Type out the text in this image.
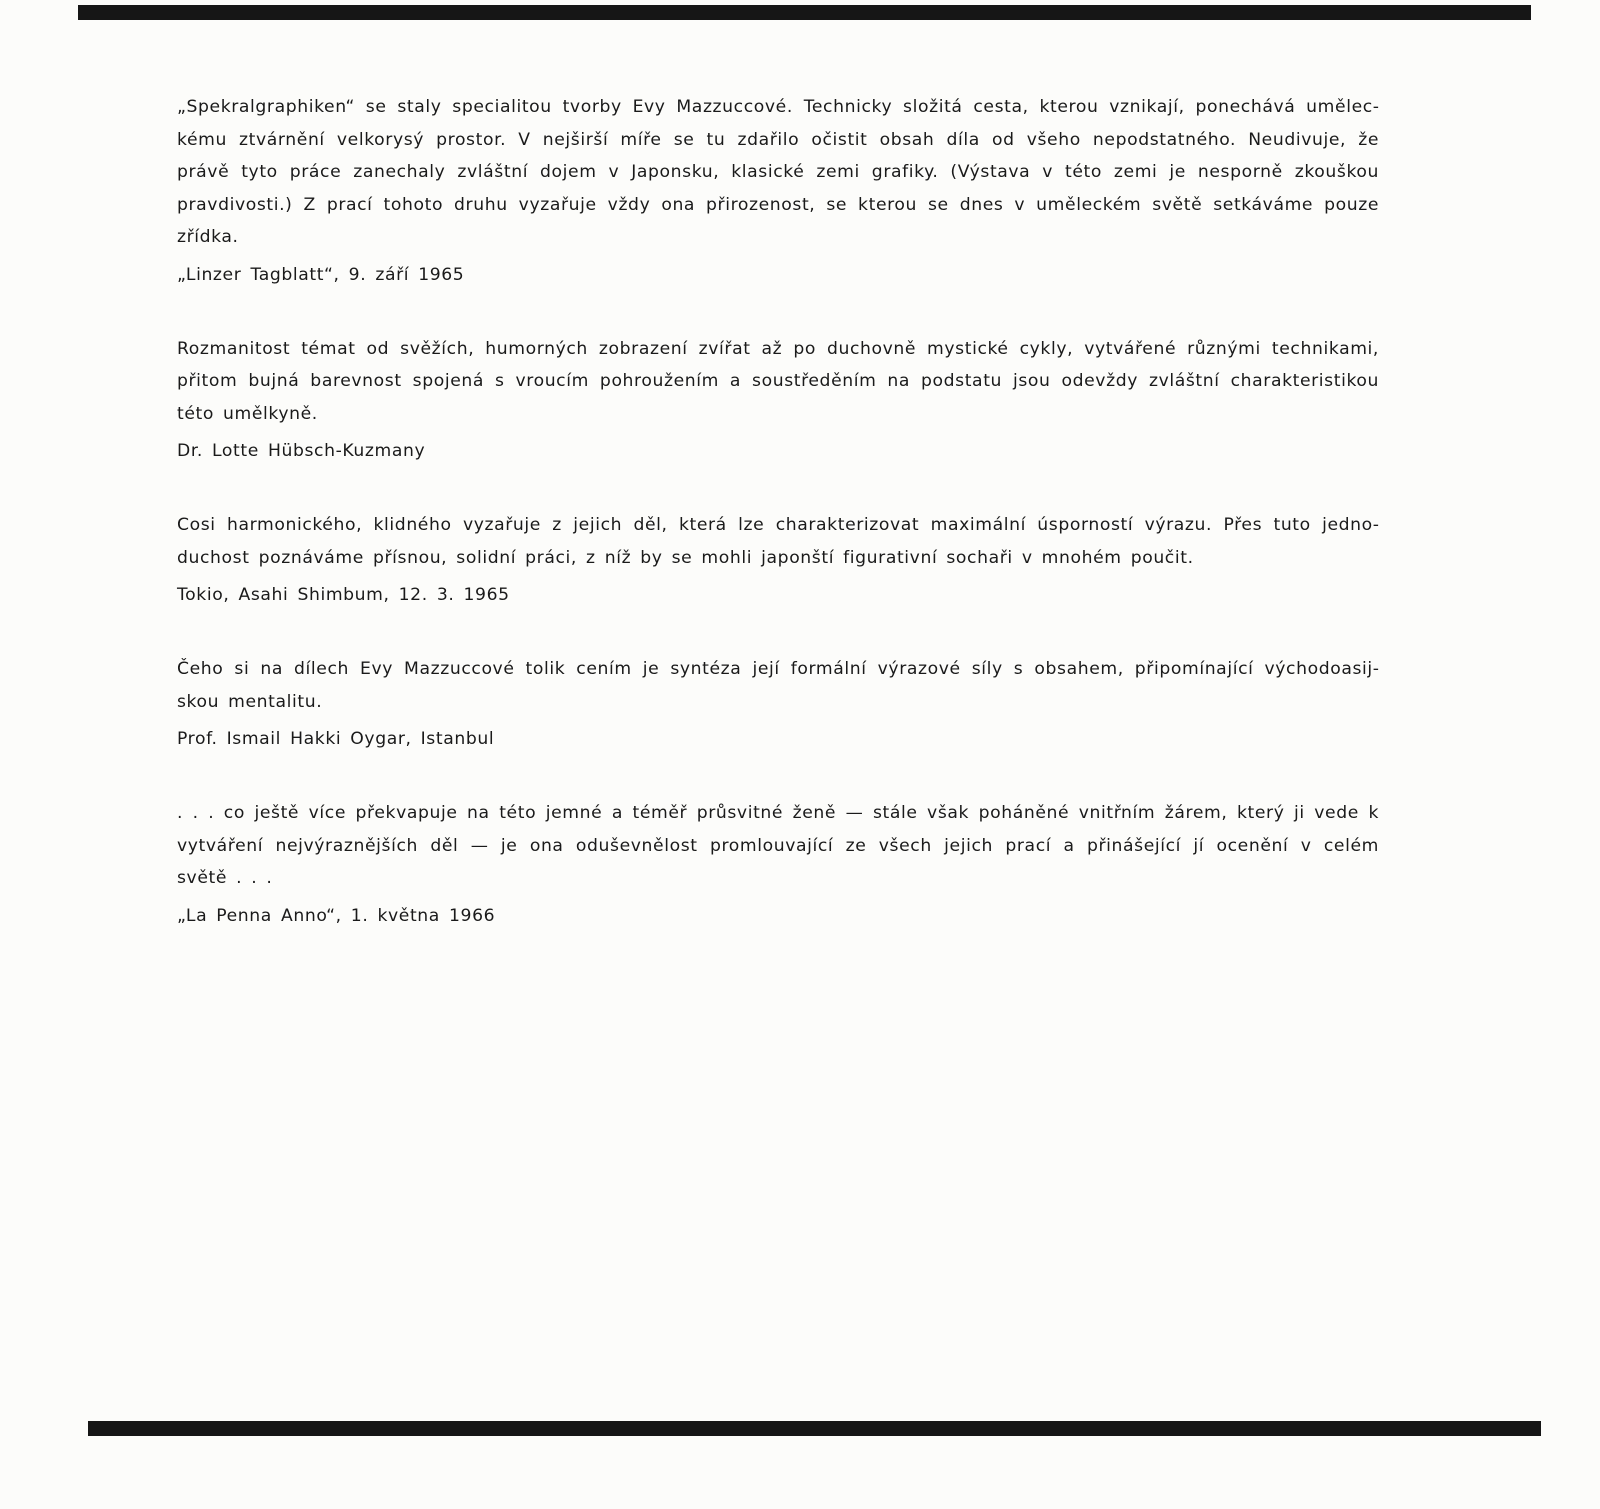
„Spekralgraphiken“ se staly specialitou tvorby Evy Mazzuccové. Technicky složitá cesta, kterou vznikají, ponechává uměleckému ztvárnění velkorysý prostor. V nejširší míře se tu zdařilo očistit obsah díla od všeho nepodstatného. Neudivuje, že právě tyto práce zanechaly zvláštní dojem v Japonsku, klasické zemi grafiky. (Výstava v této zemi je nesporně zkouškou pravdivosti.) Z prací tohoto druhu vyzařuje vždy ona přirozenost, se kterou se dnes v uměleckém světě setkáváme pouze zřídka.

„Linzer Tagblatt“, 9. září 1965

Rozmanitost témat od svěžích, humorných zobrazení zvířat až po duchovně mystické cykly, vytvářené různými technikami, přitom bujná barevnost spojená s vroucím pohroužením a soustředěním na podstatu jsou odevždy zvláštní charakteristikou této umělkyně.

Dr. Lotte Hübsch-Kuzmany

Cosi harmonického, klidného vyzařuje z jejich děl, která lze charakterizovat maximální úsporností výrazu. Přes tuto jednoduchost poznáváme přísnou, solidní práci, z níž by se mohli japonští figurativní sochaři v mnohém poučit.

Tokio, Asahi Shimbum, 12. 3. 1965

Čeho si na dílech Evy Mazzuccové tolik cením je syntéza její formální výrazové síly s obsahem, připomínající východoasijskou mentalitu.

Prof. Ismail Hakki Oygar, Istanbul

. . . co ještě více překvapuje na této jemné a téměř průsvitné ženě — stále však poháněné vnitřním žárem, který ji vede k vytváření nejvýraznějších děl — je ona oduševnělost promlouvající ze všech jejich prací a přinášející jí ocenění v celém světě . . .

„La Penna Anno“, 1. května 1966
